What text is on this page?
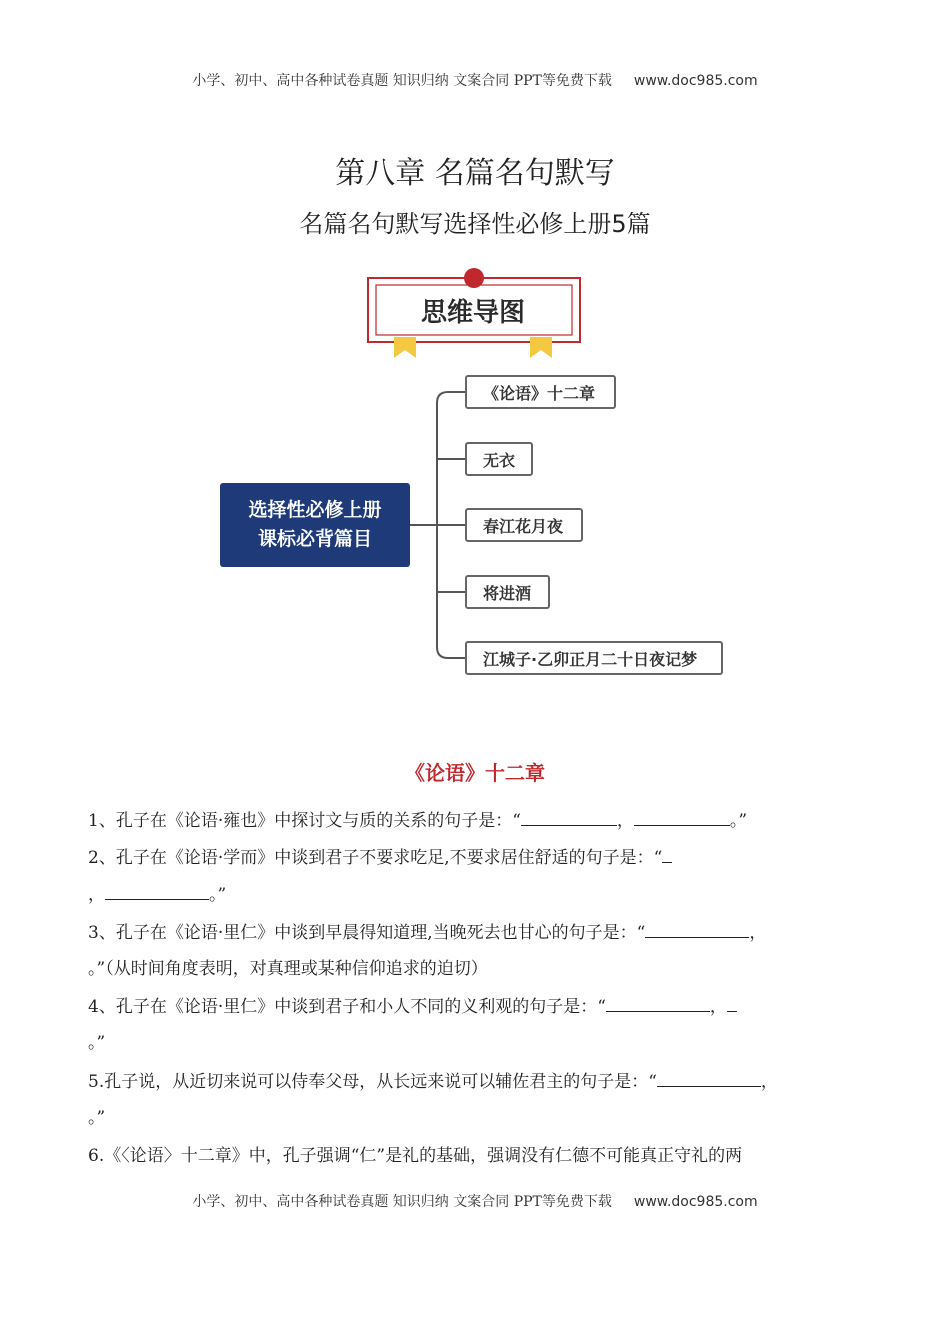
小学、初中、高中各种试卷真题 知识归纳 文案合同 PPT等免费下载 www.doc985.com
第八章 名篇名句默写
名篇名句默写选择性必修上册5篇
思维导图
选择性必修上册
课标必背篇目
《论语》十二章
无衣
春江花月夜
将进酒
江城子·乙卯正月二十日夜记梦
《论语》十二章
1、孔子在《论语·雍也》中探讨文与质的关系的句子是：“	，	。”
2、孔子在《论语·学而》中谈到君子不要求吃足,不要求居住舒适的句子是：“
，	。”
3、孔子在《论语·里仁》中谈到早晨得知道理,当晚死去也甘心的句子是：“	，
。”（从时间角度表明，对真理或某种信仰追求的迫切）
4、孔子在《论语·里仁》中谈到君子和小人不同的义利观的句子是：“	，
。”
5.孔子说，从近切来说可以侍奉父母，从长远来说可以辅佐君主的句子是：“	，
。”
6.《〈论语〉十二章》中，孔子强调“仁”是礼的基础，强调没有仁德不可能真正守礼的两
小学、初中、高中各种试卷真题 知识归纳 文案合同 PPT等免费下载 www.doc985.com
